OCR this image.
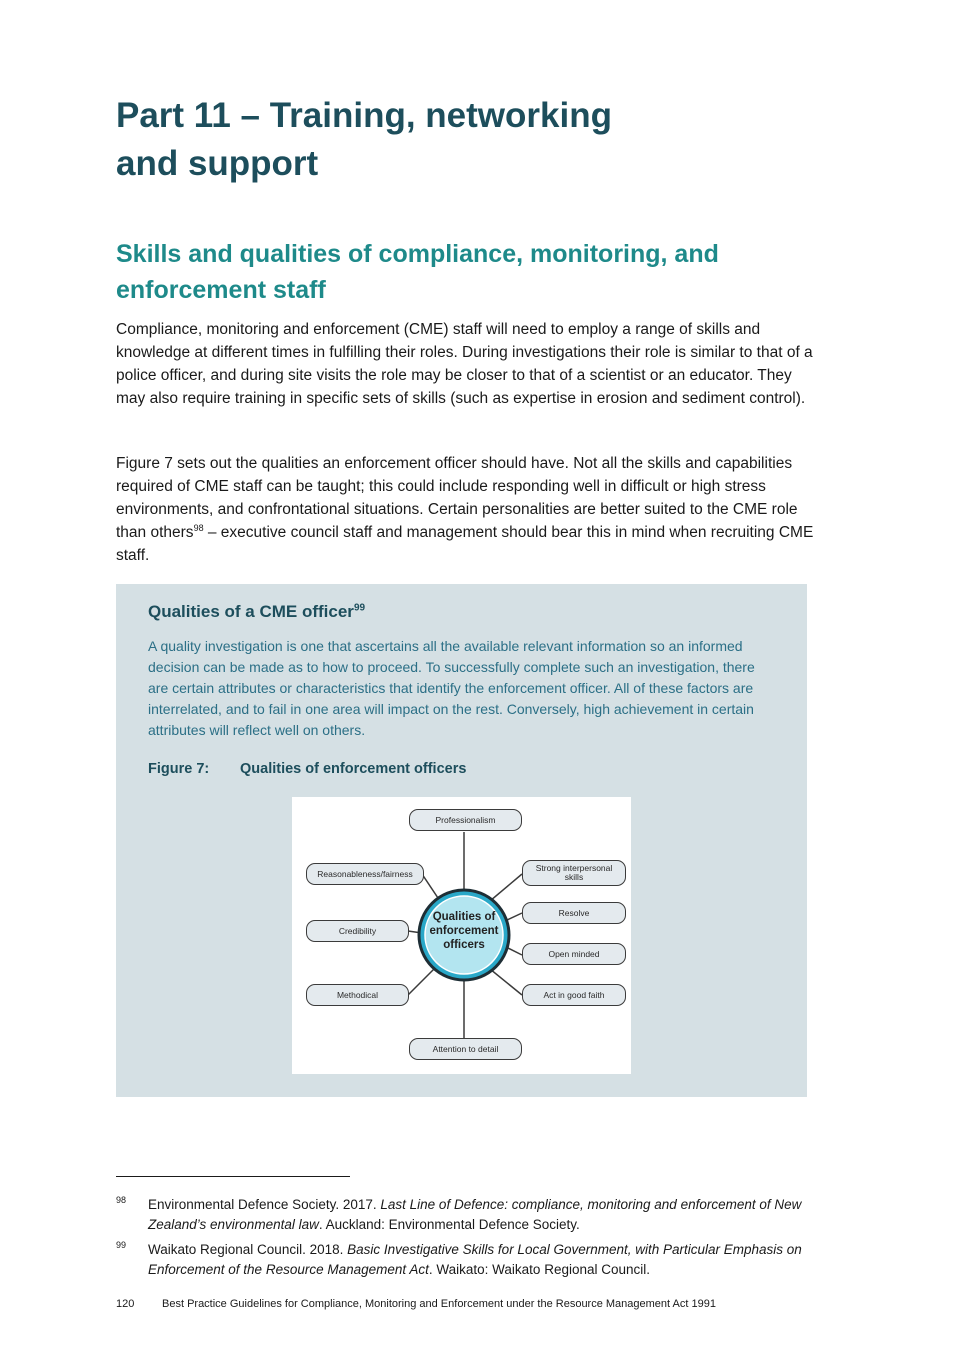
Part 11 – Training, networking
and support
Skills and qualities of compliance, monitoring, and enforcement staff

Compliance, monitoring and enforcement (CME) staff will need to employ a range of skills and knowledge at different times in fulfilling their roles. During investigations their role is similar to that of a police officer, and during site visits the role may be closer to that of a scientist or an educator. They may also require training in specific sets of skills (such as expertise in erosion and sediment control).

Figure 7 sets out the qualities an enforcement officer should have. Not all the skills and capabilities required of CME staff can be taught; this could include responding well in difficult or high stress environments, and confrontational situations. Certain personalities are better suited to the CME role than others$^{98}$ – executive council staff and management should bear this in mind when recruiting CME staff.

Qualities of a CME officer$^{99}$

A quality investigation is one that ascertains all the available relevant information so an informed decision can be made as to how to proceed. To successfully complete such an investigation, there are certain attributes or characteristics that identify the enforcement officer. All of these factors are interrelated, and to fail in one area will impact on the rest. Conversely, high achievement in certain attributes will reflect well on others.

Figure 7: Qualities of enforcement officers
Qualities of
enforcement
officers
Professionalism
Reasonableness/fairness
Credibility
Methodical
Attention to detail
Strong interpersonal skills
Resolve
Open minded
Act in good faith
98 Environmental Defence Society. 2017. Last Line of Defence: compliance, monitoring and enforcement of New Zealand’s environmental law. Auckland: Environmental Defence Society.
99 Waikato Regional Council. 2018. Basic Investigative Skills for Local Government, with Particular Emphasis on Enforcement of the Resource Management Act. Waikato: Waikato Regional Council.
120	Best Practice Guidelines for Compliance, Monitoring and Enforcement under the Resource Management Act 1991
